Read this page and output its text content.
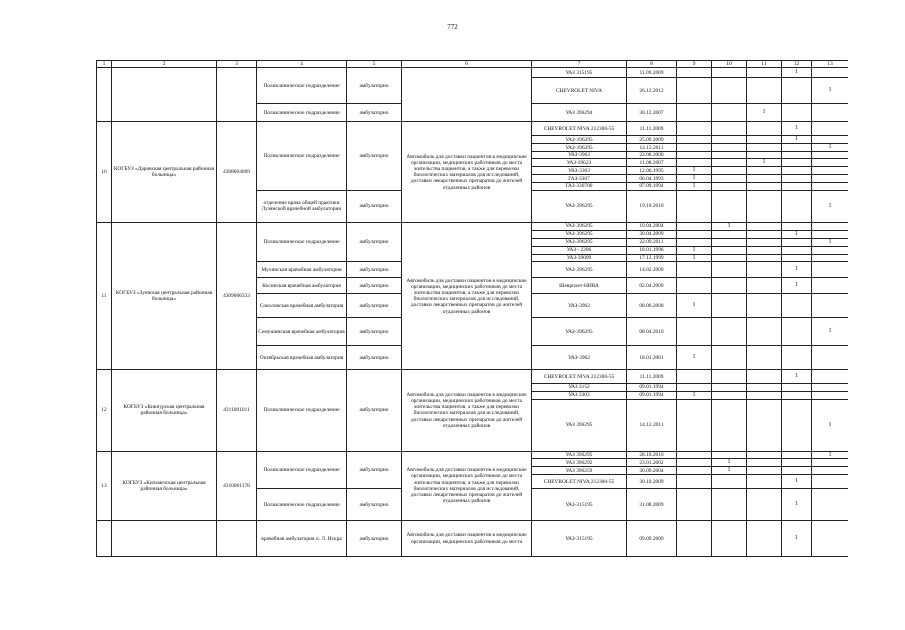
772
1	2	3	4	5	6	7	8	9	10	11	12	13
			Поликлиническое подразделение	амбулаторно		УАЗ 315195	11.09.2009				1	
						CHEVROLET NIVA	26.12.2012					1
			Поликлиническое подразделение	амбулаторно		УАЗ 396294	30.12.2007			1		
10	КОГБУЗ «Даровская центральная районная больница»	4308004069	Поликлиническое подразделение	амбулаторно	Автомобиль для доставки пациентов в медицинские организации, медицинских работников до места жительства пациентов, а также для перевозки биологических материалов для исследований, доставки лекарственных препаратов до жителей отдаленных районов	CHEVROLET NIVA 212300-55	11.11.2009				1	
						УАЗ-396295	25.09.2009				1	
						УАЗ-396295	12.12.2011					1
						УАЗ-3962	22.08.2000					
						УАЗ-39623	11.08.2007			1		
						УАЗ-3303	12.06.1995	1				
						ГАЗ-3307	06.04.1993	1				
						ГАЗ-330700	07.09.1994	1				
			отделение врача общей практики Лузянской врачебной амбулатории	амбулаторно		УАЗ-396295	19.10.2010					1
11	КОГБУЗ «Зуевская центральная районная больница»	4309006333	Поликлиническое подразделение	амбулаторно	Автомобиль для доставки пациентов в медицинские организации, медицинских работников до места жительства пациентов, а также для перевозки биологических материалов для исследований, доставки лекарственных препаратов до жителей отдаленных районов	УАЗ-396295	10.04.2004		1			
						УАЗ-396295	30.04.2009				1	
						УАЗ-396295	22.09.2011					1
						УАЗ - 2206	18.01.1996	1				
						УАЗ-39099	17.12.1999	1				
			Мухинская врачебная амбулатория	амбулаторно		УАЗ-396295	14.02.2009				1	
			Косинская врачебная амбулатория	амбулаторно		Шевролет-НИВА	02.04.2009				1	
			Соколовская врачебная амбулатория	амбулаторно		УАЗ-3962	08.06.2000	1				
			Семушинская врачебная амбулатория	амбулаторно		УАЗ-396295	08.04.2010					1
			Октябрьская врачебная амбулатория	амбулаторно		УАЗ-3962	18.01.2001	1				
12	КОГБУЗ «Кикнурская центральная районная больница»	4311001011	Поликлиническое подразделение	амбулаторно	Автомобиль для доставки пациентов в медицинские организации, медицинских работников до места жительства пациентов, а также для перевозки биологических материалов для исследований, доставки лекарственных препаратов до жителей отдаленных районов	CHEVROLET NIVA 212300-55	11.11.2009				1	
						УАЗ 3152	09.01.1994					
						УАЗ 3303	09.01.1994	1				
						УАЗ 396295	14.12.2011					1
13	КОГБУЗ «Кильмезская центральная районная больница»	4310001178	Поликлиническое подразделение	амбулаторно	Автомобиль для доставки пациентов в медицинские организации, медицинских работников до места жительства пациентов, а также для перевозки биологических материалов для исследований, доставки лекарственных препаратов до жителей отдаленных районов	УАЗ 396295	28.10.2010					1
						УАЗ 396292	23.01.2002		1			
						УАЗ 396259	30.09.2004		1			
						CHEVROLET NIVA 212300-55	30.10.2009				1	
			Поликлиническое подразделение	амбулаторно		УАЗ-315195	31.08.2009				1	
			врачебная амбулатория п. Л. Искра	амбулаторно	Автомобиль для доставки пациентов в медицинские организации, медицинских работников до места	УАЗ-315195	09.09.2009				1	
